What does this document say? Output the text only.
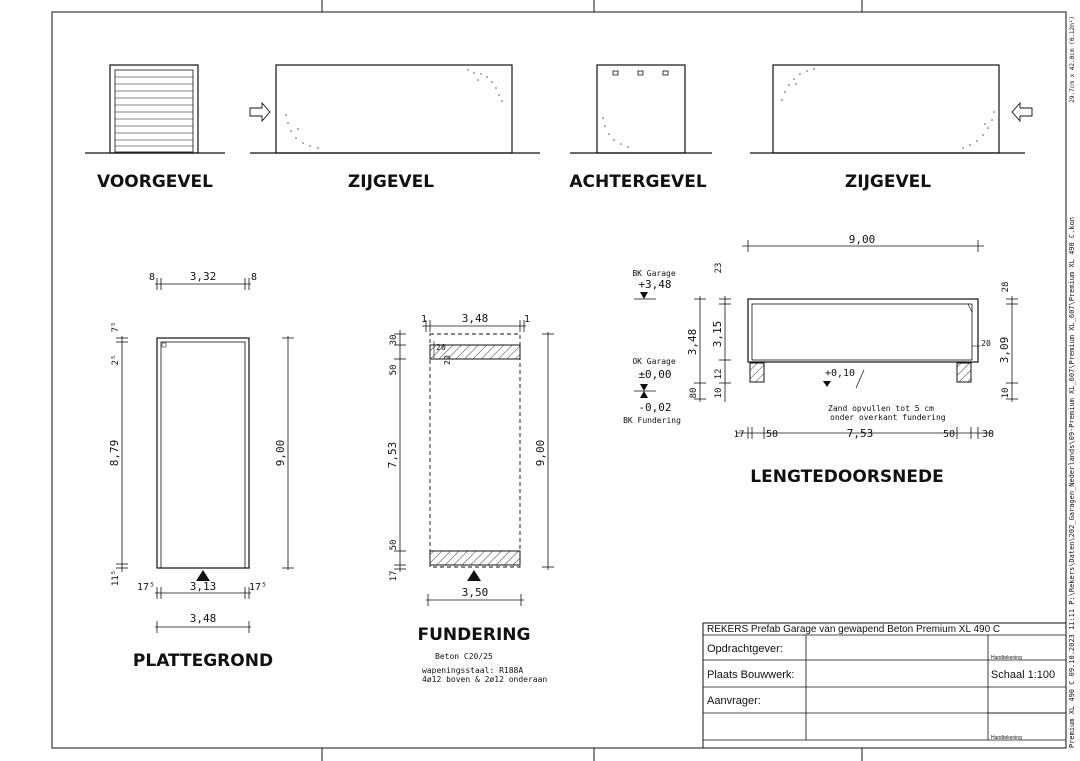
VOORGEVEL	ZIJGEVEL	ACHTERGEVEL	ZIJGEVEL
8	3,32	8
3,13
17⁵	17⁵
3,48
8,79	9,00
2⁵
7⁵
11⁵
PLATTEGROND
1	3,48	1
20
20
30
50
7,53
50
17
9,00
3,50
FUNDERING
Beton C20/25
wapeningsstaal: R188A
4ø12 boven & 2ø12 onderaan
9,00
BK Garage
+3,48
OK Garage
±0,00
-0,02
BK Fundering
3,48 3,15
23
12
80 10
3,09
28
10
20
+0,10
Zand opvullen tot 5 cm
onder overkant fundering
17 50	7,53	50	30
LENGTEDOORSNEDE
REKERS Prefab Garage van gewapend Beton Premium XL 490 C
Opdrachtgever:
Plaats Bouwwerk:
Aanvrager:
Handtekening
Handtekening
Schaal 1:100 Premium XL 490 C 09.10.2023 11:11 P:\Rekers\Daten\202_Garagen_Nederlands\09-Premium XL_607\Premium XL_607\Premium XL 490 C.kon
29.7cm x 42.0cm (0.12m²)
